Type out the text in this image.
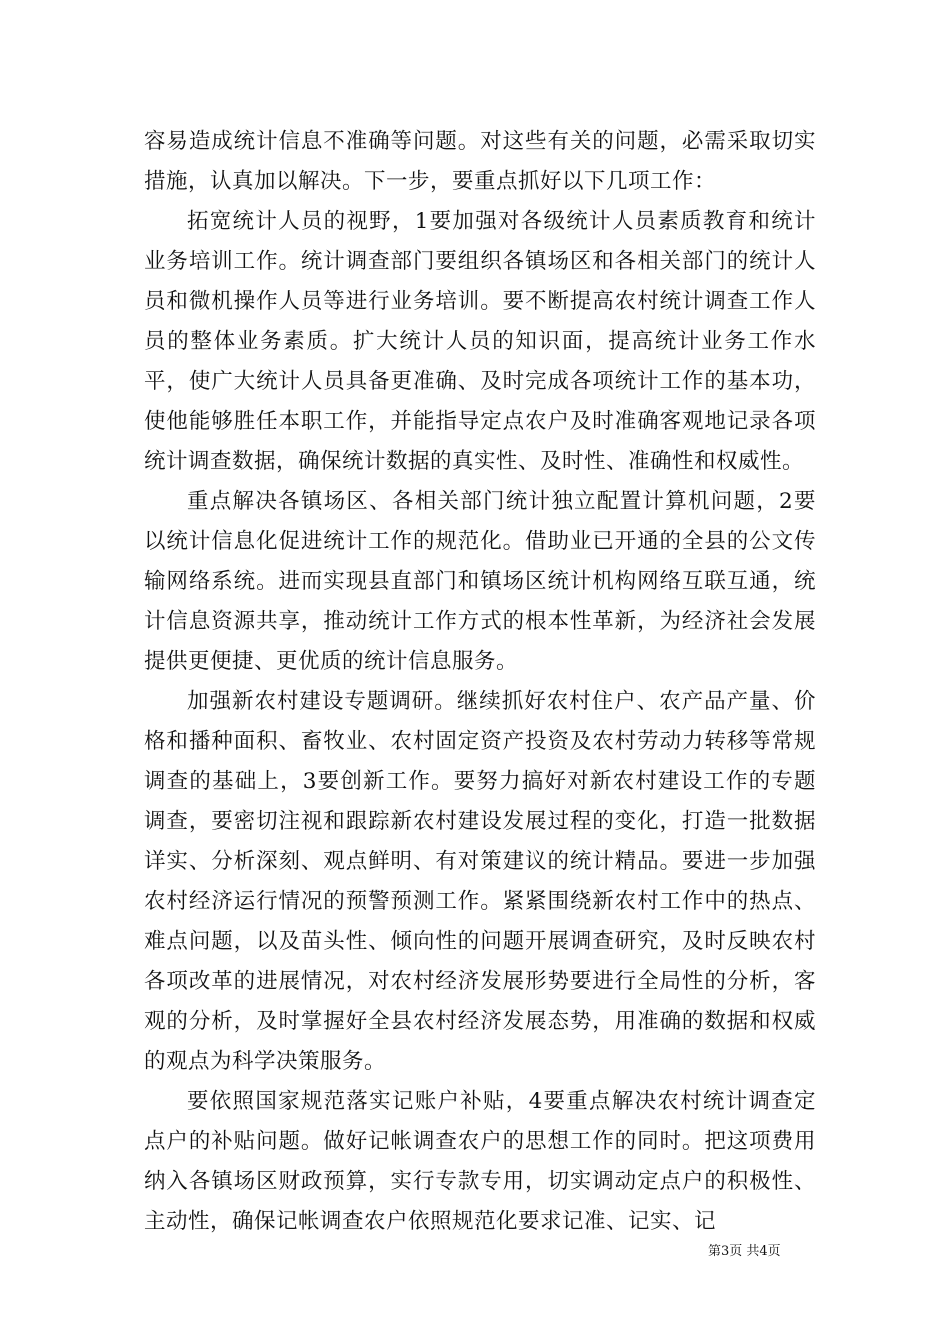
容易造成统计信息不准确等问题。对这些有关的问题，必需采取切实措施，认真加以解决。下一步，要重点抓好以下几项工作：

拓宽统计人员的视野，1要加强对各级统计人员素质教育和统计业务培训工作。统计调查部门要组织各镇场区和各相关部门的统计人员和微机操作人员等进行业务培训。要不断提高农村统计调查工作人员的整体业务素质。扩大统计人员的知识面，提高统计业务工作水平，使广大统计人员具备更准确、及时完成各项统计工作的基本功，使他能够胜任本职工作，并能指导定点农户及时准确客观地记录各项统计调查数据，确保统计数据的真实性、及时性、准确性和权威性。

重点解决各镇场区、各相关部门统计独立配置计算机问题，2要以统计信息化促进统计工作的规范化。借助业已开通的全县的公文传输网络系统。进而实现县直部门和镇场区统计机构网络互联互通，统计信息资源共享，推动统计工作方式的根本性革新，为经济社会发展提供更便捷、更优质的统计信息服务。

加强新农村建设专题调研。继续抓好农村住户、农产品产量、价格和播种面积、畜牧业、农村固定资产投资及农村劳动力转移等常规调查的基础上，3要创新工作。要努力搞好对新农村建设工作的专题调查，要密切注视和跟踪新农村建设发展过程的变化，打造一批数据详实、分析深刻、观点鲜明、有对策建议的统计精品。要进一步加强农村经济运行情况的预警预测工作。紧紧围绕新农村工作中的热点、难点问题，以及苗头性、倾向性的问题开展调查研究，及时反映农村各项改革的进展情况，对农村经济发展形势要进行全局性的分析，客观的分析，及时掌握好全县农村经济发展态势，用准确的数据和权威的观点为科学决策服务。

要依照国家规范落实记账户补贴，4要重点解决农村统计调查定点户的补贴问题。做好记帐调查农户的思想工作的同时。把这项费用纳入各镇场区财政预算，实行专款专用，切实调动定点户的积极性、主动性，确保记帐调查农户依照规范化要求记准、记实、记

第3页 共4页
